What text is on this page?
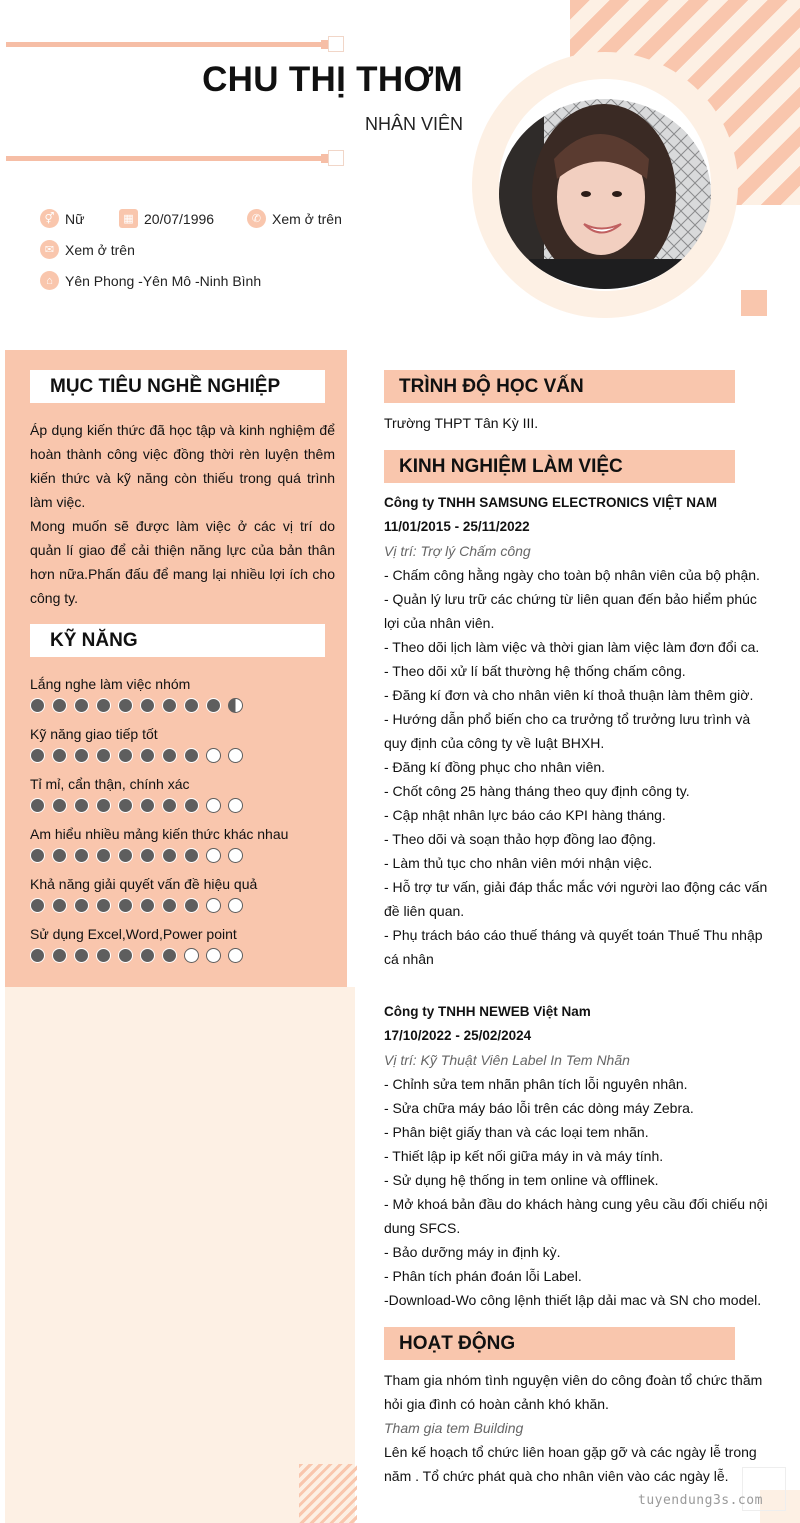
CHU THỊ THƠM
NHÂN VIÊN
⚥ Nữ	▦ 20/07/1996	✆ Xem ở trên
✉ Xem ở trên
⌂ Yên Phong -Yên Mô -Ninh Bình
MỤC TIÊU NGHỀ NGHIỆP
Áp dụng kiến thức đã học tập và kinh nghiệm để hoàn thành công việc đồng thời rèn luyện thêm kiến thức và kỹ năng còn thiếu trong quá trình làm việc.
Mong muốn sẽ được làm việc ở các vị trí do quản lí giao để cải thiện năng lực của bản thân hơn nữa.Phấn đấu để mang lại nhiều lợi ích cho công ty.
KỸ NĂNG
Lắng nghe làm việc nhóm
Kỹ năng giao tiếp tốt
Tỉ mỉ, cẩn thận, chính xác
Am hiểu nhiều mảng kiến thức khác nhau
Khả năng giải quyết vấn đề hiệu quả
Sử dụng Excel,Word,Power point
TRÌNH ĐỘ HỌC VẤN
Trường THPT Tân Kỳ III.
KINH NGHIỆM LÀM VIỆC
Công ty TNHH SAMSUNG ELECTRONICS VIỆT NAM
11/01/2015 - 25/11/2022
Vị trí: Trợ lý Chấm công
- Chấm công hằng ngày cho toàn bộ nhân viên của bộ phận.
- Quản lý lưu trữ các chứng từ liên quan đến bảo hiểm phúc lợi của nhân viên.
- Theo dõi lịch làm việc và thời gian làm việc làm đơn đổi ca.
- Theo dõi xử lí bất thường hệ thống chấm công.
- Đăng kí đơn và cho nhân viên kí thoả thuận làm thêm giờ.
- Hướng dẫn phổ biến cho ca trưởng tổ trưởng lưu trình và quy định của công ty về luật BHXH.
- Đăng kí đồng phục cho nhân viên.
- Chốt công 25 hàng tháng theo quy định công ty.
- Cập nhật nhân lực báo cáo KPI hàng tháng.
- Theo dõi và soạn thảo hợp đồng lao động.
- Làm thủ tục cho nhân viên mới nhận việc.
- Hỗ trợ tư vấn, giải đáp thắc mắc với người lao động các vấn đề liên quan.
- Phụ trách báo cáo thuế tháng và quyết toán Thuế Thu nhập cá nhân
Công ty TNHH NEWEB Việt Nam
17/10/2022 - 25/02/2024
Vị trí: Kỹ Thuật Viên Label In Tem Nhãn
- Chỉnh sửa tem nhãn phân tích lỗi nguyên nhân.
- Sửa chữa máy báo lỗi trên các dòng máy Zebra.
- Phân biệt giấy than và các loại tem nhãn.
- Thiết lập ip kết nối giữa máy in và máy tính.
- Sử dụng hệ thống in tem online và offlinek.
- Mở khoá bản đầu do khách hàng cung yêu cầu đối chiếu nội dung SFCS.
- Bảo dưỡng máy in định kỳ.
- Phân tích phán đoán lỗi Label.
-Download-Wo công lệnh thiết lập dải mac và SN cho model.
HOẠT ĐỘNG
Tham gia nhóm tình nguyện viên do công đoàn tổ chức thăm hỏi gia đình có hoàn cảnh khó khăn.
Tham gia tem Building
Lên kế hoạch tổ chức liên hoan gặp gỡ và các ngày lễ trong năm . Tổ chức phát quà cho nhân viên vào các ngày lễ.
tuyendung3s.com
